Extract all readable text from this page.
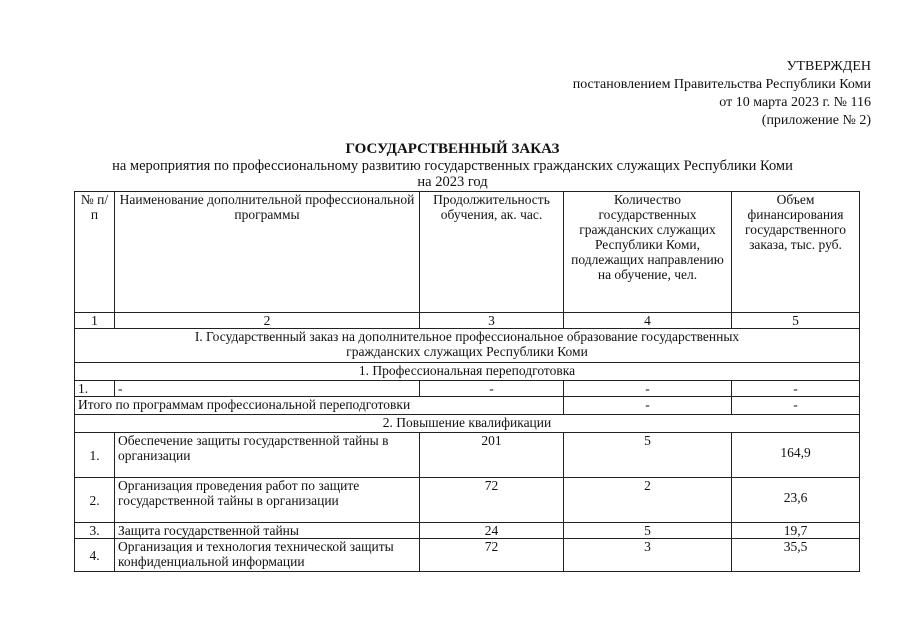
УТВЕРЖДЕН
постановлением Правительства Республики Коми
от 10 марта 2023 г. № 116
(приложение № 2)
ГОСУДАРСТВЕННЫЙ ЗАКАЗ
на мероприятия по профессиональному развитию государственных гражданских служащих Республики Коми
на 2023 год
№ п/п	Наименование дополнительной профессиональной программы	Продолжительность обучения, ак. час.	Количество государственных гражданских служащих Республики Коми, подлежащих направлению на обучение, чел.	Объем финансирования государственного заказа, тыс. руб.
1	2	3	4	5
I. Государственный заказ на дополнительное профессиональное образование государственных гражданских служащих Республики Коми				
1. Профессиональная переподготовка				
1.	-	-	-	-
Итого по программам профессиональной переподготовки			-	-
2. Повышение квалификации				
1.	Обеспечение защиты государственной тайны в организации	201	5	164,9
2.	Организация проведения работ по защите государственной тайны в организации	72	2	23,6
3.	Защита государственной тайны	24	5	19,7
4.	Организация и технология технической защиты конфиденциальной информации	72	3	35,5
